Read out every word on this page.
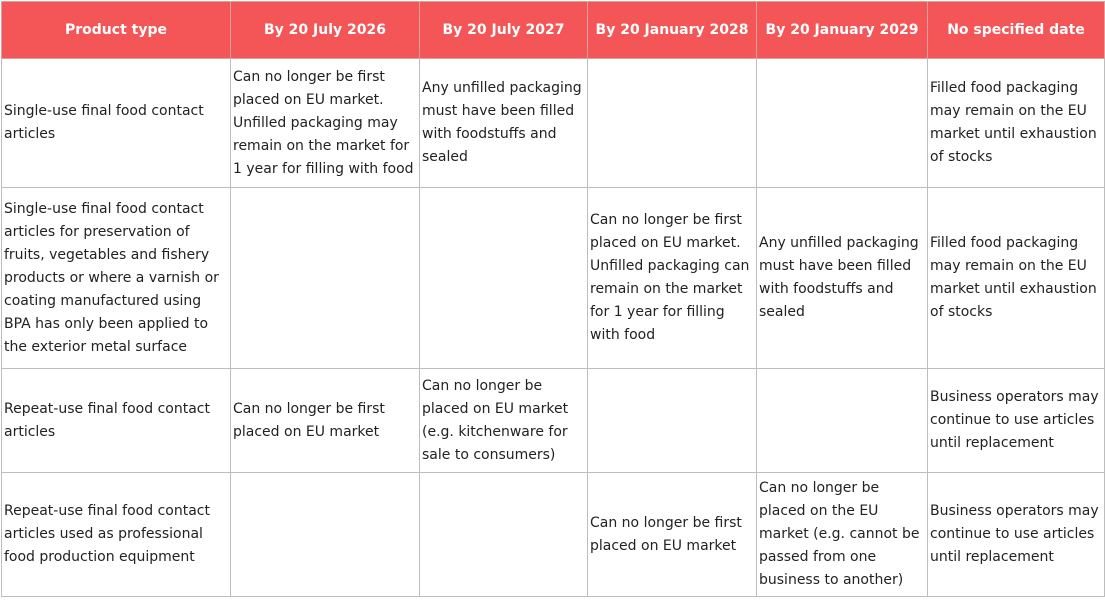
Product type	By 20 July 2026	By 20 July 2027	By 20 January 2028	By 20 January 2029	No specified date
Single-use final food contact articles	Can no longer be first placed on EU market. Unfilled packaging may remain on the market for 1 year for filling with food	Any unfilled packaging must have been filled with foodstuffs and sealed			Filled food packaging may remain on the EU market until exhaustion of stocks
Single-use final food contact articles for preservation of fruits, vegetables and fishery products or where a varnish or coating manufactured using BPA has only been applied to the exterior metal surface			Can no longer be first placed on EU market. Unfilled packaging can remain on the market for 1 year for filling with food	Any unfilled packaging must have been filled with foodstuffs and sealed	Filled food packaging may remain on the EU market until exhaustion of stocks
Repeat-use final food contact articles	Can no longer be first placed on EU market	Can no longer be placed on EU market (e.g. kitchenware for sale to consumers)			Business operators may continue to use articles until replacement
Repeat-use final food contact articles used as professional food production equipment			Can no longer be first placed on EU market	Can no longer be placed on the EU market (e.g. cannot be passed from one business to another)	Business operators may continue to use articles until replacement
